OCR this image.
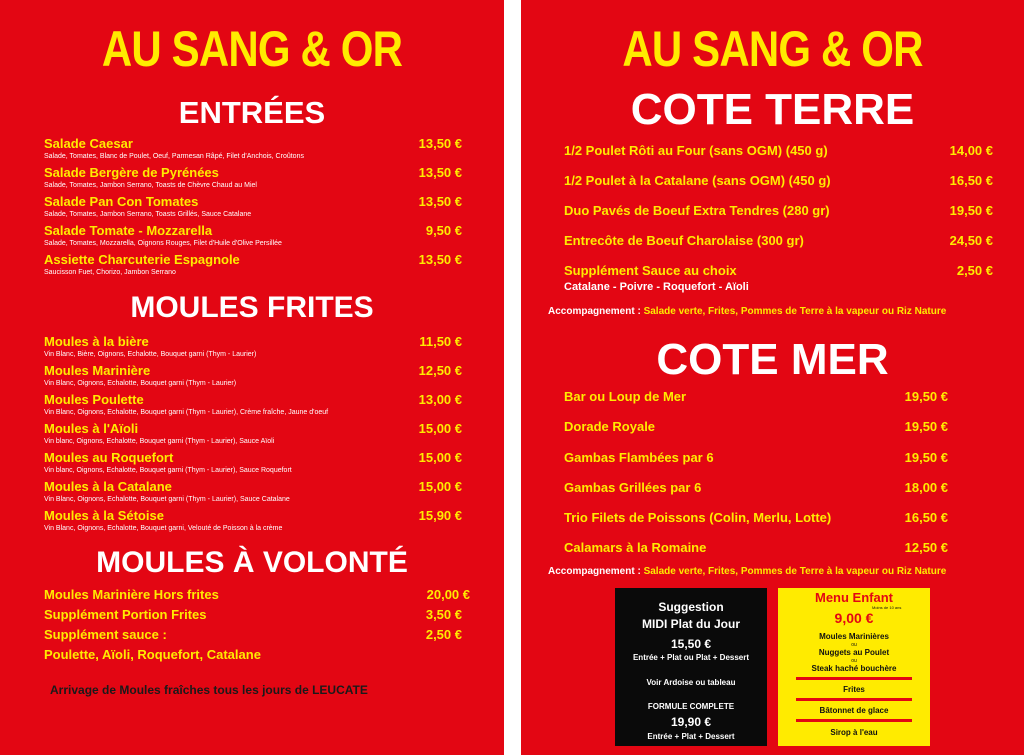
AU SANG & OR
ENTRÉES
Salade Caesar	13,50 €
Salade, Tomates, Blanc de Poulet, Oeuf, Parmesan Râpé, Filet d'Anchois, Croûtons
Salade Bergère de Pyrénées	13,50 €
Salade, Tomates, Jambon Serrano, Toasts de Chèvre Chaud au Miel
Salade Pan Con Tomates	13,50 €
Salade, Tomates, Jambon Serrano, Toasts Grillés, Sauce Catalane
Salade Tomate - Mozzarella	9,50 €
Salade, Tomates, Mozzarella, Oignons Rouges, Filet d'Huile d'Olive Persillée
Assiette Charcuterie Espagnole	13,50 €
Saucisson Fuet, Chorizo, Jambon Serrano
MOULES FRITES
Moules à la bière	11,50 €
Vin Blanc, Bière, Oignons, Echalotte, Bouquet garni (Thym - Laurier)
Moules Marinière	12,50 €
Vin Blanc, Oignons, Echalotte, Bouquet garni (Thym - Laurier)
Moules Poulette	13,00 €
Vin Blanc, Oignons, Echalotte, Bouquet garni (Thym - Laurier), Crème fraîche, Jaune d'oeuf
Moules à l'Aïoli	15,00 €
Vin blanc, Oignons, Echalotte, Bouquet garni (Thym - Laurier), Sauce Aïoli
Moules au Roquefort	15,00 €
Vin blanc, Oignons, Echalotte, Bouquet garni (Thym - Laurier), Sauce Roquefort
Moules à la Catalane	15,00 €
Vin Blanc, Oignons, Echalotte, Bouquet garni (Thym - Laurier), Sauce Catalane
Moules à la Sétoise	15,90 €
Vin Blanc, Oignons, Echalotte, Bouquet garni, Velouté de Poisson à la crème
MOULES À VOLONTÉ
Moules Marinière Hors frites	20,00 €
Supplément Portion Frites	3,50 €
Supplément sauce :	2,50 €
Poulette, Aïoli, Roquefort, Catalane
Arrivage de Moules fraîches tous les jours de LEUCATE
AU SANG & OR
COTE TERRE
1/2 Poulet Rôti au Four (sans OGM) (450 g)	14,00 €
1/2 Poulet à la Catalane (sans OGM) (450 g)	16,50 €
Duo Pavés de Boeuf Extra Tendres (280 gr)	19,50 €
Entrecôte de Boeuf Charolaise (300 gr)	24,50 €
Supplément Sauce au choix	2,50 €
Catalane - Poivre - Roquefort - Aïoli
Accompagnement : Salade verte, Frites, Pommes de Terre à la vapeur ou Riz Nature
COTE MER
Bar ou Loup de Mer	19,50 €
Dorade Royale	19,50 €
Gambas Flambées par 6	19,50 €
Gambas Grillées par 6	18,00 €
Trio Filets de Poissons (Colin, Merlu, Lotte)	16,50 €
Calamars à la Romaine	12,50 €
Accompagnement : Salade verte, Frites, Pommes de Terre à la vapeur ou Riz Nature
Suggestion
MIDI Plat du Jour
15,50 €
Entrée + Plat ou Plat + Dessert
Voir Ardoise ou tableau
FORMULE COMPLETE
19,90 €
Entrée + Plat + Dessert
Menu Enfant
Moins de 10 ans
9,00 €
Moules Marinières
ou
Nuggets au Poulet
ou
Steak haché bouchère
Frites
Bâtonnet de glace
Sirop à l'eau
